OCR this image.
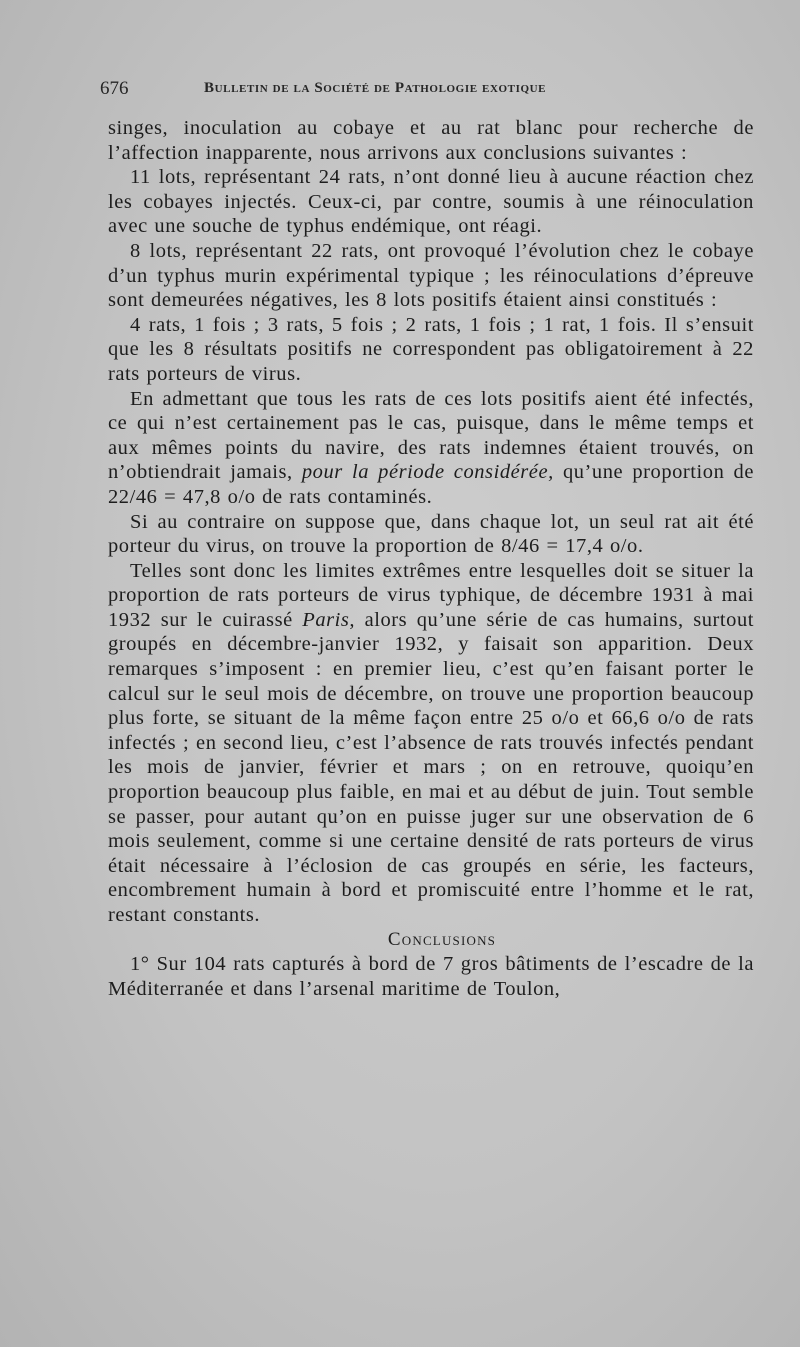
676	Bulletin de la Société de Pathologie exotique

singes, inoculation au cobaye et au rat blanc pour recherche de l’affection inapparente, nous arrivons aux conclusions suivantes :

11 lots, représentant 24 rats, n’ont donné lieu à aucune réaction chez les cobayes injectés. Ceux-ci, par contre, soumis à une réinoculation avec une souche de typhus endémique, ont réagi.

8 lots, représentant 22 rats, ont provoqué l’évolution chez le cobaye d’un typhus murin expérimental typique ; les réinoculations d’épreuve sont demeurées négatives, les 8 lots positifs étaient ainsi constitués :

4 rats, 1 fois ; 3 rats, 5 fois ; 2 rats, 1 fois ; 1 rat, 1 fois. Il s’ensuit que les 8 résultats positifs ne correspondent pas obligatoirement à 22 rats porteurs de virus.

En admettant que tous les rats de ces lots positifs aient été infectés, ce qui n’est certainement pas le cas, puisque, dans le même temps et aux mêmes points du navire, des rats indemnes étaient trouvés, on n’obtiendrait jamais, pour la période considérée, qu’une proportion de 22/46 = 47,8 o/o de rats contaminés.

Si au contraire on suppose que, dans chaque lot, un seul rat ait été porteur du virus, on trouve la proportion de 8/46 = 17,4 o/o.

Telles sont donc les limites extrêmes entre lesquelles doit se situer la proportion de rats porteurs de virus typhique, de décembre 1931 à mai 1932 sur le cuirassé Paris, alors qu’une série de cas humains, surtout groupés en décembre-janvier 1932, y faisait son apparition. Deux remarques s’imposent : en premier lieu, c’est qu’en faisant porter le calcul sur le seul mois de décembre, on trouve une proportion beaucoup plus forte, se situant de la même façon entre 25 o/o et 66,6 o/o de rats infectés ; en second lieu, c’est l’absence de rats trouvés infectés pendant les mois de janvier, février et mars ; on en retrouve, quoiqu’en proportion beaucoup plus faible, en mai et au début de juin. Tout semble se passer, pour autant qu’on en puisse juger sur une observation de 6 mois seulement, comme si une certaine densité de rats porteurs de virus était nécessaire à l’éclosion de cas groupés en série, les facteurs, encombrement humain à bord et promiscuité entre l’homme et le rat, restant constants.

Conclusions

1° Sur 104 rats capturés à bord de 7 gros bâtiments de l’escadre de la Méditerranée et dans l’arsenal maritime de Toulon,
